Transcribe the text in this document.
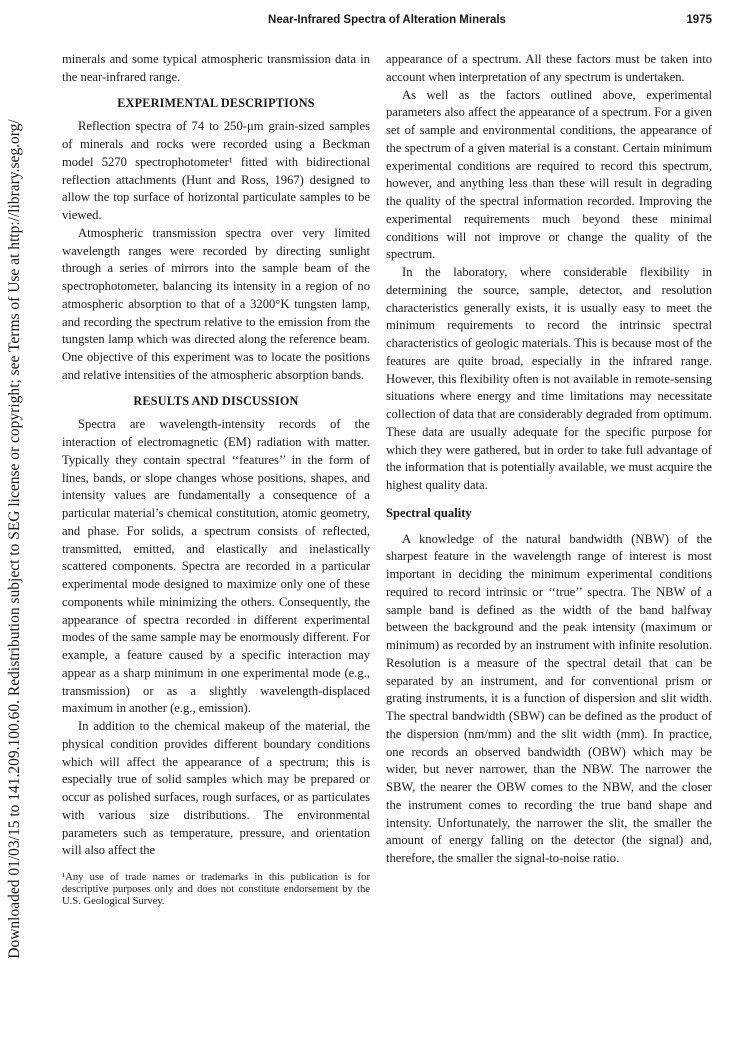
Downloaded 01/03/15 to 141.209.100.60. Redistribution subject to SEG license or copyright; see Terms of Use at http://library.seg.org/
Near-Infrared Spectra of Alteration Minerals	1975

minerals and some typical atmospheric transmission data in the near-infrared range.

EXPERIMENTAL DESCRIPTIONS

Reflection spectra of 74 to 250-μm grain-sized samples of minerals and rocks were recorded using a Beckman model 5270 spectrophotometer¹ fitted with bidirectional reflection attachments (Hunt and Ross, 1967) designed to allow the top surface of horizontal particulate samples to be viewed.

Atmospheric transmission spectra over very limited wavelength ranges were recorded by directing sunlight through a series of mirrors into the sample beam of the spectrophotometer, balancing its intensity in a region of no atmospheric absorption to that of a 3200°K tungsten lamp, and recording the spectrum relative to the emission from the tungsten lamp which was directed along the reference beam. One objective of this experiment was to locate the positions and relative intensities of the atmospheric absorption bands.

RESULTS AND DISCUSSION

Spectra are wavelength-intensity records of the interaction of electromagnetic (EM) radiation with matter. Typically they contain spectral ‘‘features’’ in the form of lines, bands, or slope changes whose positions, shapes, and intensity values are fundamentally a consequence of a particular material’s chemical constitution, atomic geometry, and phase. For solids, a spectrum consists of reflected, transmitted, emitted, and elastically and inelastically scattered components. Spectra are recorded in a particular experimental mode designed to maximize only one of these components while minimizing the others. Consequently, the appearance of spectra recorded in different experimental modes of the same sample may be enormously different. For example, a feature caused by a specific interaction may appear as a sharp minimum in one experimental mode (e.g., transmission) or as a slightly wavelength-displaced maximum in another (e.g., emission).

In addition to the chemical makeup of the material, the physical condition provides different boundary conditions which will affect the appearance of a spectrum; this is especially true of solid samples which may be prepared or occur as polished surfaces, rough surfaces, or as particulates with various size distributions. The environmental parameters such as temperature, pressure, and orientation will also affect the

¹Any use of trade names or trademarks in this publication is for descriptive purposes only and does not constitute endorsement by the U.S. Geological Survey.

appearance of a spectrum. All these factors must be taken into account when interpretation of any spectrum is undertaken.

As well as the factors outlined above, experimental parameters also affect the appearance of a spectrum. For a given set of sample and environmental conditions, the appearance of the spectrum of a given material is a constant. Certain minimum experimental conditions are required to record this spectrum, however, and anything less than these will result in degrading the quality of the spectral information recorded. Improving the experimental requirements much beyond these minimal conditions will not improve or change the quality of the spectrum.

In the laboratory, where considerable flexibility in determining the source, sample, detector, and resolution characteristics generally exists, it is usually easy to meet the minimum requirements to record the intrinsic spectral characteristics of geologic materials. This is because most of the features are quite broad, especially in the infrared range. However, this flexibility often is not available in remote-sensing situations where energy and time limitations may necessitate collection of data that are considerably degraded from optimum. These data are usually adequate for the specific purpose for which they were gathered, but in order to take full advantage of the information that is potentially available, we must acquire the highest quality data.

Spectral quality

A knowledge of the natural bandwidth (NBW) of the sharpest feature in the wavelength range of interest is most important in deciding the minimum experimental conditions required to record intrinsic or ‘‘true’’ spectra. The NBW of a sample band is defined as the width of the band halfway between the background and the peak intensity (maximum or minimum) as recorded by an instrument with infinite resolution. Resolution is a measure of the spectral detail that can be separated by an instrument, and for conventional prism or grating instruments, it is a function of dispersion and slit width. The spectral bandwidth (SBW) can be defined as the product of the dispersion (nm/mm) and the slit width (mm). In practice, one records an observed bandwidth (OBW) which may be wider, but never narrower, than the NBW. The narrower the SBW, the nearer the OBW comes to the NBW, and the closer the instrument comes to recording the true band shape and intensity. Unfortunately, the narrower the slit, the smaller the amount of energy falling on the detector (the signal) and, therefore, the smaller the signal-to-noise ratio.
